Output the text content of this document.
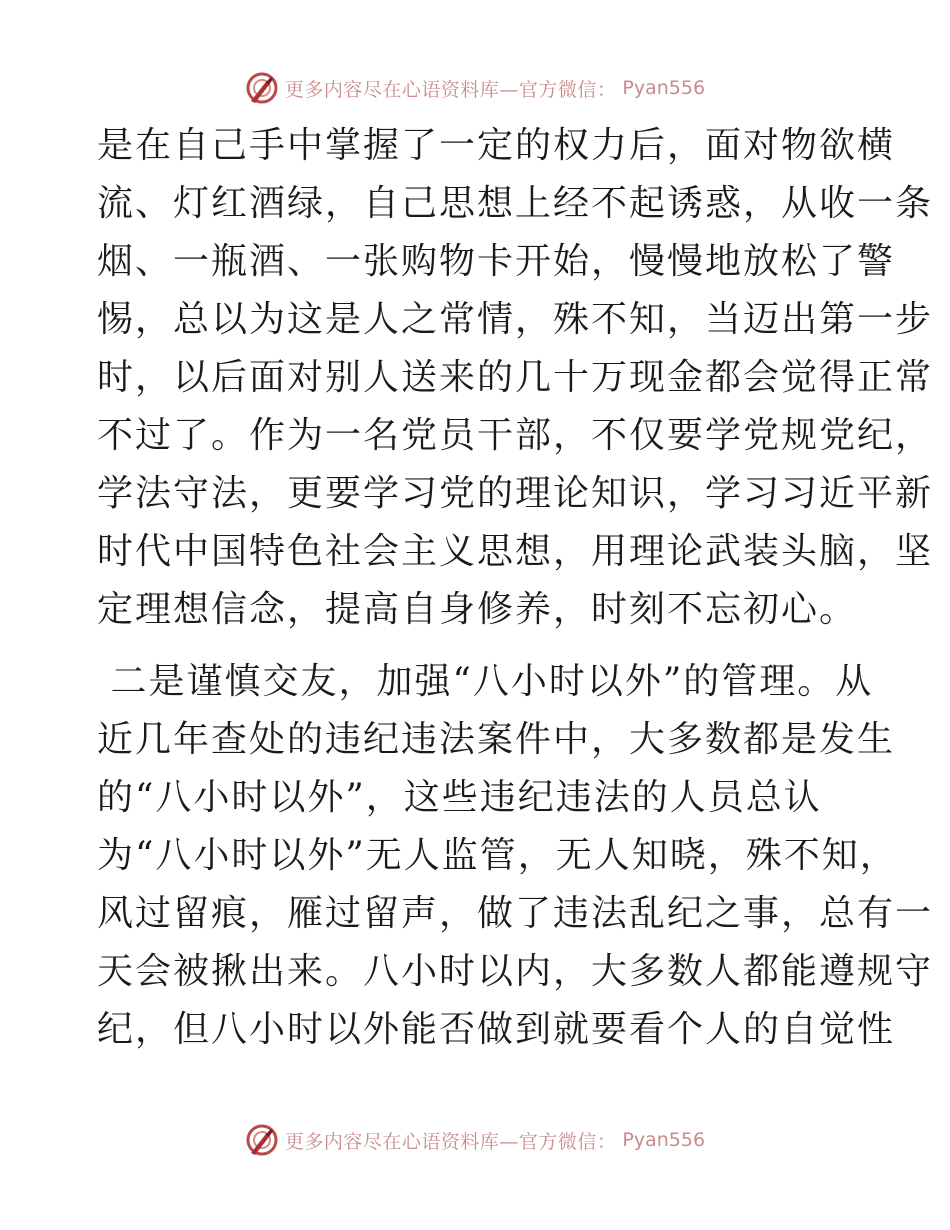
更多内容尽在心语资料库—官方微信： Pyan556
是在自己手中掌握了一定的权力后，面对物欲横
流、灯红酒绿，自己思想上经不起诱惑，从收一条
烟、一瓶酒、一张购物卡开始，慢慢地放松了警
惕，总以为这是人之常情，殊不知，当迈出第一步
时，以后面对别人送来的几十万现金都会觉得正常
不过了。作为一名党员干部，不仅要学党规党纪，
学法守法，更要学习党的理论知识，学习习近平新
时代中国特色社会主义思想，用理论武装头脑，坚
定理想信念，提高自身修养，时刻不忘初心。
二是谨慎交友，加强“八小时以外”的管理。从
近几年查处的违纪违法案件中，大多数都是发生
的“八小时以外”，这些违纪违法的人员总认
为“八小时以外”无人监管，无人知晓，殊不知，
风过留痕，雁过留声，做了违法乱纪之事，总有一
天会被揪出来。八小时以内，大多数人都能遵规守
纪，但八小时以外能否做到就要看个人的自觉性
更多内容尽在心语资料库—官方微信： Pyan556
